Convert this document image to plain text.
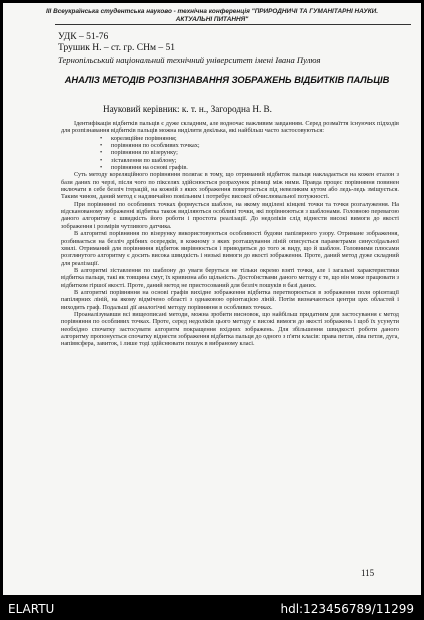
ІІІ Всеукраїнська студентська науково - технічна конференція "ПРИРОДНИЧІ ТА ГУМАНІТАРНІ НАУКИ.
АКТУАЛЬНІ ПИТАННЯ"
УДК – 51-76
Трушик Н. – ст. гр. СНм – 51
Тернопільський національний технічний університет імені Івана Пулюя
АНАЛІЗ МЕТОДІВ РОЗПІЗНАВАННЯ ЗОБРАЖЕНЬ ВІДБИТКІВ ПАЛЬЦІВ
Науковий керівник: к. т. н., Загородна Н. В.

Ідентифікація відбитків пальців є дуже складним, але водночас важливим завданням. Серед розмаїття існуючих підходів для розпізнавання відбитків пальців можна виділити декілька, які найбільш часто застосовуються:

• кореляційне порівняння;
• порівняння по особливих точках;
• порівняння по візерунку;
• зіставлення по шаблону;
• порівняння на основі графів.

Суть методу кореляційного порівняння полягає в тому, що отриманий відбиток пальця накладається на кожен еталон з бази даних по черзі, після чого по пікселях здійснюється розрахунок різниці між ними. Правда процес порівняння повинен включати в себе безліч ітерацій, на кожній з яких зображення повертається під невеликим кутом або ледь-ледь зміщується. Таким чином, даний метод є надзвичайно повільним і потребує високої обчислювальної потужності.

При порівнянні по особливих точках формується шаблон, на якому виділені кінцеві точки та точки розгалуження. На відсканованому зображенні відбитка також виділяються особливі точки, які порівнюються з шаблонами. Головною перевагою даного алгоритму є швидкість його роботи і простота реалізації. До недоліків слід віднести високі вимоги до якості зображення і розмірів чутливого датчика.

В алгоритмі порівняння по візерунку використовуються особливості будови папілярного узору. Отримане зображення, розбивається на безліч дрібних осередків, в кожному з яких розташування ліній описується параметрами синусоїдальної хвилі. Отриманий для порівняння відбиток вирівнюється і приводиться до того ж виду, що й шаблон. Головними плюсами розглянутого алгоритму є досить висока швидкість і низькі вимоги до якості зображення. Проте, даний метод дуже складний для реалізації.

В алгоритмі зіставлення по шаблону до уваги беруться не тільки окремо взяті точки, але і загальні характеристики відбитка пальця, такі як товщина смуг, їх кривизна або щільність. Достоїнствами даного методу є те, що він може працювати з відбитком гіршої якості. Проте, даний метод не пристосований для безліч пошуків в базі даних.

В алгоритмі порівняння на основі графів вихідне зображення відбитка перетворюється в зображення поля орієнтації папілярних ліній, на якому відмічено області з однаковою орієнтацією ліній. Потім визначаються центри цих областей і виходить граф. Подальші дії аналогічні методу порівняння в особливих точках.

Проаналізувавши всі вищеописані методи, можна зробити висновок, що найбільш придатним для застосування є метод порівняння по особливих точках. Проте, серед недоліків цього методу є високі вимоги до якості зображень і щоб їх усунути необхідно спочатку застосувати алгоритм покращення вхідних зображень. Для збільшення швидкості роботи даного алгоритму пропонується спочатку віднести зображення відбитка пальця до одного з п'яти класів: права петля, ліва петля, дуга, напіввсфера, завиток, і лише тоді здійснювати пошук в вибраному класі.

115
ELARTU	hdl:123456789/11299
